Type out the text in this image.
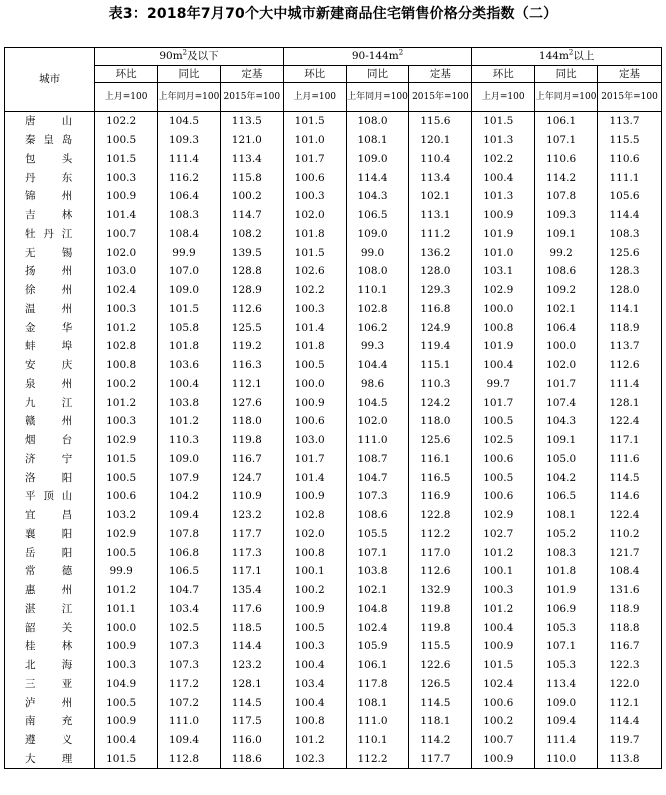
表3：2018年7月70个大中城市新建商品住宅销售价格分类指数（二）
城市	$90m^2$及以下			$90-144m^2$			$144m^2$以上		
	环比	同比	定基	环比	同比	定基	环比	同比	定基
	上月=100	上年同月=100	2015年=100	上月=100	上年同月=100	2015年=100	上月=100	上年同月=100	2015年=100
唐山	102.2	104.5	113.5	101.5	108.0	115.6	101.5	106.1	113.7
秦皇岛	100.5	109.3	121.0	101.0	108.1	120.1	101.3	107.1	115.5
包头	101.5	111.4	113.4	101.7	109.0	110.4	102.2	110.6	110.6
丹东	100.3	116.2	115.8	100.6	114.4	113.4	100.4	114.2	111.1
锦州	100.9	106.4	100.2	100.3	104.3	102.1	101.3	107.8	105.6
吉林	101.4	108.3	114.7	102.0	106.5	113.1	100.9	109.3	114.4
牡丹江	100.7	108.4	108.2	101.8	109.0	111.2	101.9	109.1	108.3
无锡	102.0	99.9	139.5	101.5	99.0	136.2	101.0	99.2	125.6
扬州	103.0	107.0	128.8	102.6	108.0	128.0	103.1	108.6	128.3
徐州	102.4	109.0	128.9	102.2	110.1	129.3	102.9	109.2	128.0
温州	100.3	101.5	112.6	100.3	102.8	116.8	100.0	102.1	114.1
金华	101.2	105.8	125.5	101.4	106.2	124.9	100.8	106.4	118.9
蚌埠	102.8	101.8	119.2	101.8	99.3	119.4	101.9	100.0	113.7
安庆	100.8	103.6	116.3	100.5	104.4	115.1	100.4	102.0	112.6
泉州	100.2	100.4	112.1	100.0	98.6	110.3	99.7	101.7	111.4
九江	101.2	103.8	127.6	100.9	104.5	124.2	101.7	107.4	128.1
赣州	100.3	101.2	118.0	100.6	102.0	118.0	100.5	104.3	122.4
烟台	102.9	110.3	119.8	103.0	111.0	125.6	102.5	109.1	117.1
济宁	101.5	109.0	116.7	101.7	108.7	116.1	100.6	105.0	111.6
洛阳	100.5	107.9	124.7	101.4	104.7	116.5	100.5	104.2	114.5
平顶山	100.6	104.2	110.9	100.9	107.3	116.9	100.6	106.5	114.6
宜昌	103.2	109.4	123.2	102.8	108.6	122.8	102.9	108.1	122.4
襄阳	102.9	107.8	117.7	102.0	105.5	112.2	102.7	105.2	110.2
岳阳	100.5	106.8	117.3	100.8	107.1	117.0	101.2	108.3	121.7
常德	99.9	106.5	117.1	100.1	103.8	112.6	100.1	101.8	108.4
惠州	101.2	104.7	135.4	100.2	102.1	132.9	100.3	101.9	131.6
湛江	101.1	103.4	117.6	100.9	104.8	119.8	101.2	106.9	118.9
韶关	100.0	102.5	118.5	100.5	102.4	119.8	100.4	105.3	118.8
桂林	100.9	107.3	114.4	100.3	105.9	115.5	100.9	107.1	116.7
北海	100.3	107.3	123.2	100.4	106.1	122.6	101.5	105.3	122.3
三亚	104.9	117.2	128.1	103.4	117.8	126.5	102.4	113.4	122.0
泸州	100.5	107.2	114.5	100.4	108.1	114.5	100.6	109.0	112.1
南充	100.9	111.0	117.5	100.8	111.0	118.1	100.2	109.4	114.4
遵义	100.4	109.4	116.0	101.2	110.1	114.2	100.7	111.4	119.7
大理	101.5	112.8	118.6	102.3	112.2	117.7	100.9	110.0	113.8
